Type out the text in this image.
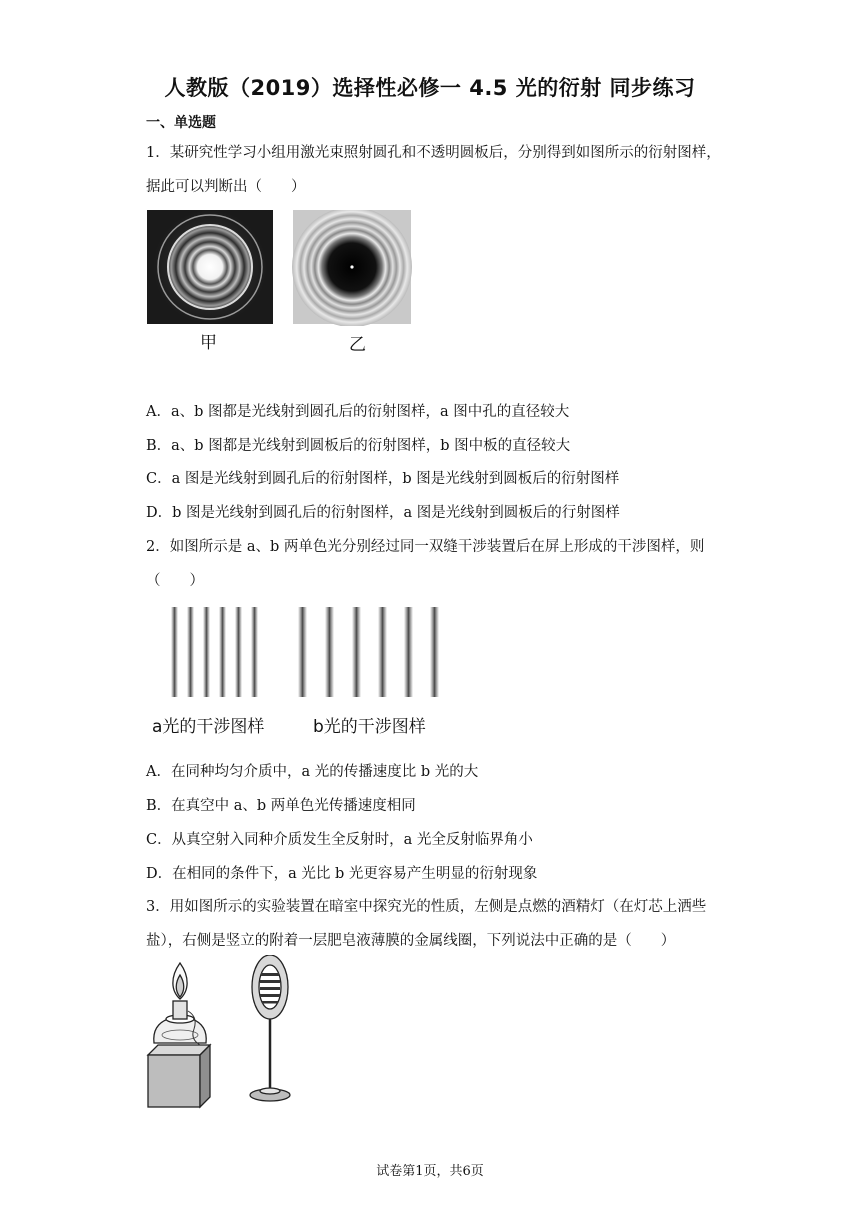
人教版（2019）选择性必修一 4.5 光的衍射 同步练习
一、单选题
1．某研究性学习小组用激光束照射圆孔和不透明圆板后，分别得到如图所示的衍射图样，据此可以判断出（　　）
甲	乙
A．a、b 图都是光线射到圆孔后的衍射图样，a 图中孔的直径较大
B．a、b 图都是光线射到圆板后的衍射图样，b 图中板的直径较大
C．a 图是光线射到圆孔后的衍射图样，b 图是光线射到圆板后的衍射图样
D．b 图是光线射到圆孔后的衍射图样，a 图是光线射到圆板后的行射图样
2．如图所示是 a、b 两单色光分别经过同一双缝干涉装置后在屏上形成的干涉图样，则（　　）
a光的干涉图样	b光的干涉图样
A．在同种均匀介质中，a 光的传播速度比 b 光的大
B．在真空中 a、b 两单色光传播速度相同
C．从真空射入同种介质发生全反射时，a 光全反射临界角小
D．在相同的条件下，a 光比 b 光更容易产生明显的衍射现象
3．用如图所示的实验装置在暗室中探究光的性质，左侧是点燃的酒精灯（在灯芯上洒些盐），右侧是竖立的附着一层肥皂液薄膜的金属线圈，下列说法中正确的是（　　）
试卷第1页，共6页
